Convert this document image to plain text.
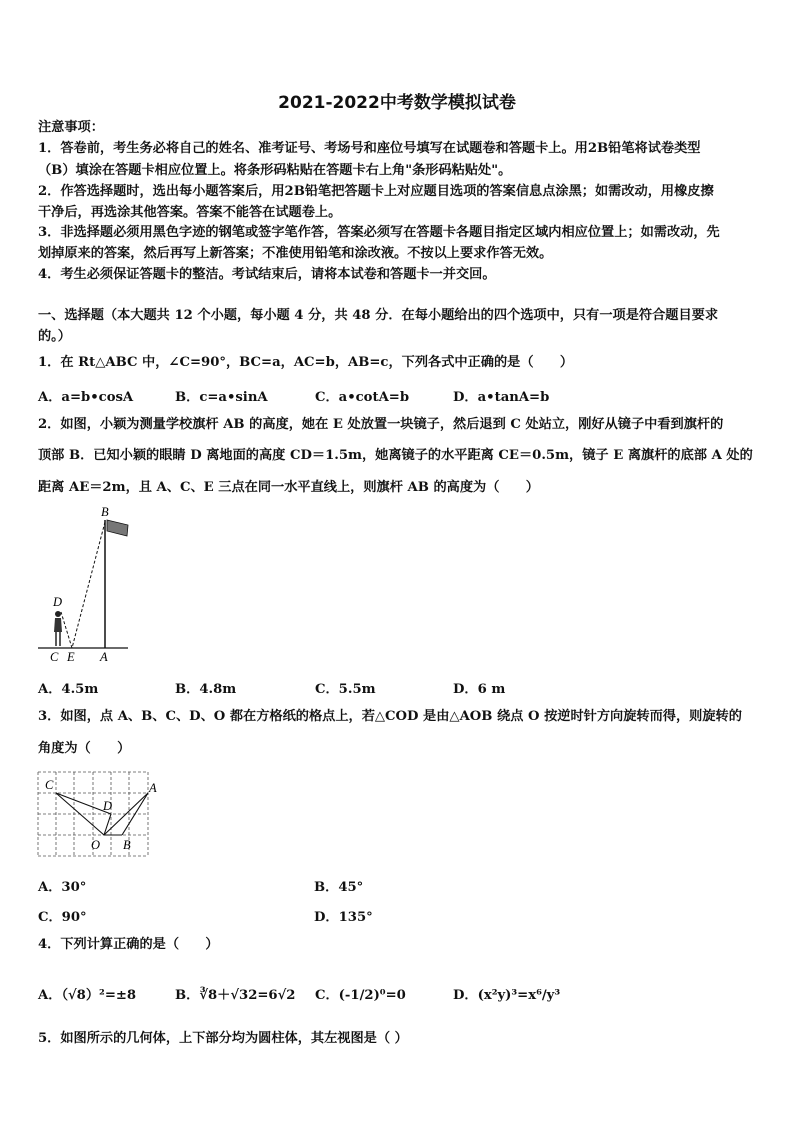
2021-2022中考数学模拟试卷
注意事项：
1．答卷前，考生务必将自己的姓名、准考证号、考场号和座位号填写在试题卷和答题卡上。用2B铅笔将试卷类型
（B）填涂在答题卡相应位置上。将条形码粘贴在答题卡右上角"条形码粘贴处"。
2．作答选择题时，选出每小题答案后，用2B铅笔把答题卡上对应题目选项的答案信息点涂黑；如需改动，用橡皮擦
干净后，再选涂其他答案。答案不能答在试题卷上。
3．非选择题必须用黑色字迹的钢笔或签字笔作答，答案必须写在答题卡各题目指定区域内相应位置上；如需改动，先
划掉原来的答案，然后再写上新答案；不准使用铅笔和涂改液。不按以上要求作答无效。
4．考生必须保证答题卡的整洁。考试结束后，请将本试卷和答题卡一并交回。
一、选择题（本大题共 12 个小题，每小题 4 分，共 48 分．在每小题给出的四个选项中，只有一项是符合题目要求
的。）
1．在 Rt△ABC 中，∠C=90°，BC=a，AC=b，AB=c，下列各式中正确的是（　　）
A．a=b•cosA	B．c=a•sinA	C．a•cotA=b	D．a•tanA=b
2．如图，小颖为测量学校旗杆 AB 的高度，她在 E 处放置一块镜子，然后退到 C 处站立，刚好从镜子中看到旗杆的
顶部 B．已知小颖的眼睛 D 离地面的高度 CD＝1.5m，她离镜子的水平距离 CE＝0.5m，镜子 E 离旗杆的底部 A 处的
距离 AE＝2m，且 A、C、E 三点在同一水平直线上，则旗杆 AB 的高度为（　　）
B
D
C E A
A．4.5m	B．4.8m	C．5.5m	D．6 m
3．如图，点 A、B、C、D、O 都在方格纸的格点上，若△COD 是由△AOB 绕点 O 按逆时针方向旋转而得，则旋转的
角度为（　　）
C	A
D
O B
A．30°	B．45°
C．90°	D．135°
4．下列计算正确的是（　　）
A．（√8）²=±8	B．∛8＋√32=6√2 C．(-1/2)⁰=0	D．(x²y)³=x⁶/y³
5．如图所示的几何体，上下部分均为圆柱体，其左视图是（ ）
